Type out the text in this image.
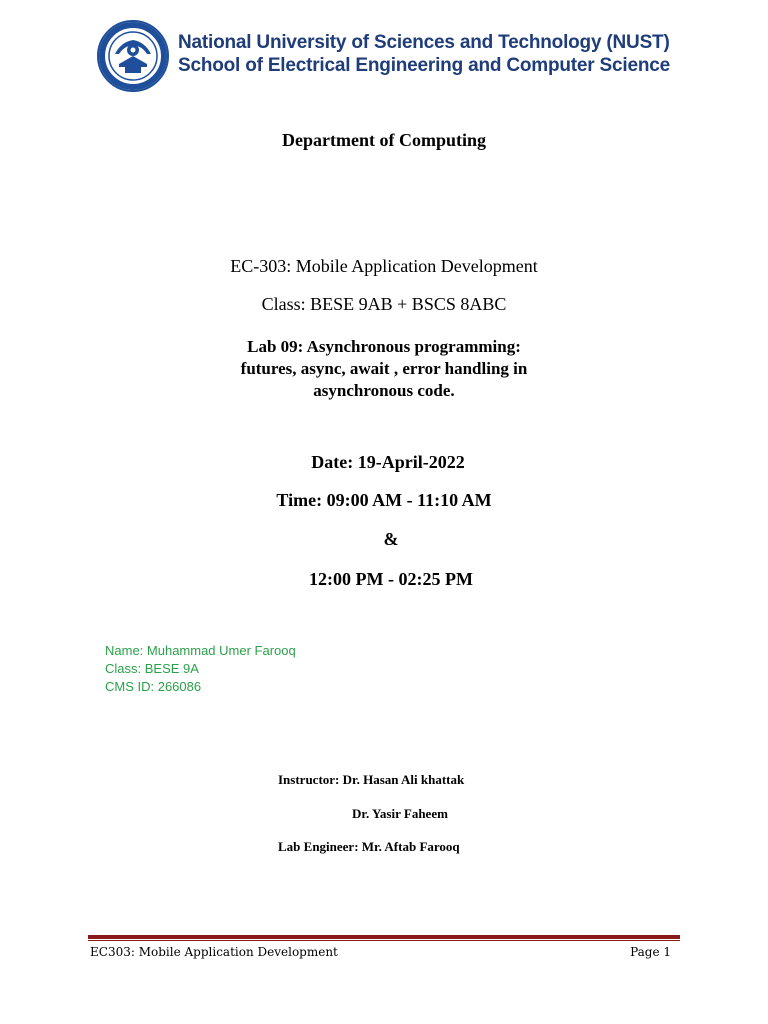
National University of Sciences and Technology (NUST)
School of Electrical Engineering and Computer Science
Department of Computing
EC-303: Mobile Application Development
Class: BESE 9AB + BSCS 8ABC
Lab 09: Asynchronous programming:
futures, async, await , error handling in
asynchronous code.
Date: 19-April-2022
Time: 09:00 AM - 11:10 AM
&
12:00 PM - 02:25 PM
Name: Muhammad Umer Farooq
Class: BESE 9A
CMS ID: 266086
Instructor: Dr. Hasan Ali khattak
Dr. Yasir Faheem
Lab Engineer: Mr. Aftab Farooq
EC303: Mobile Application Development	Page 1
